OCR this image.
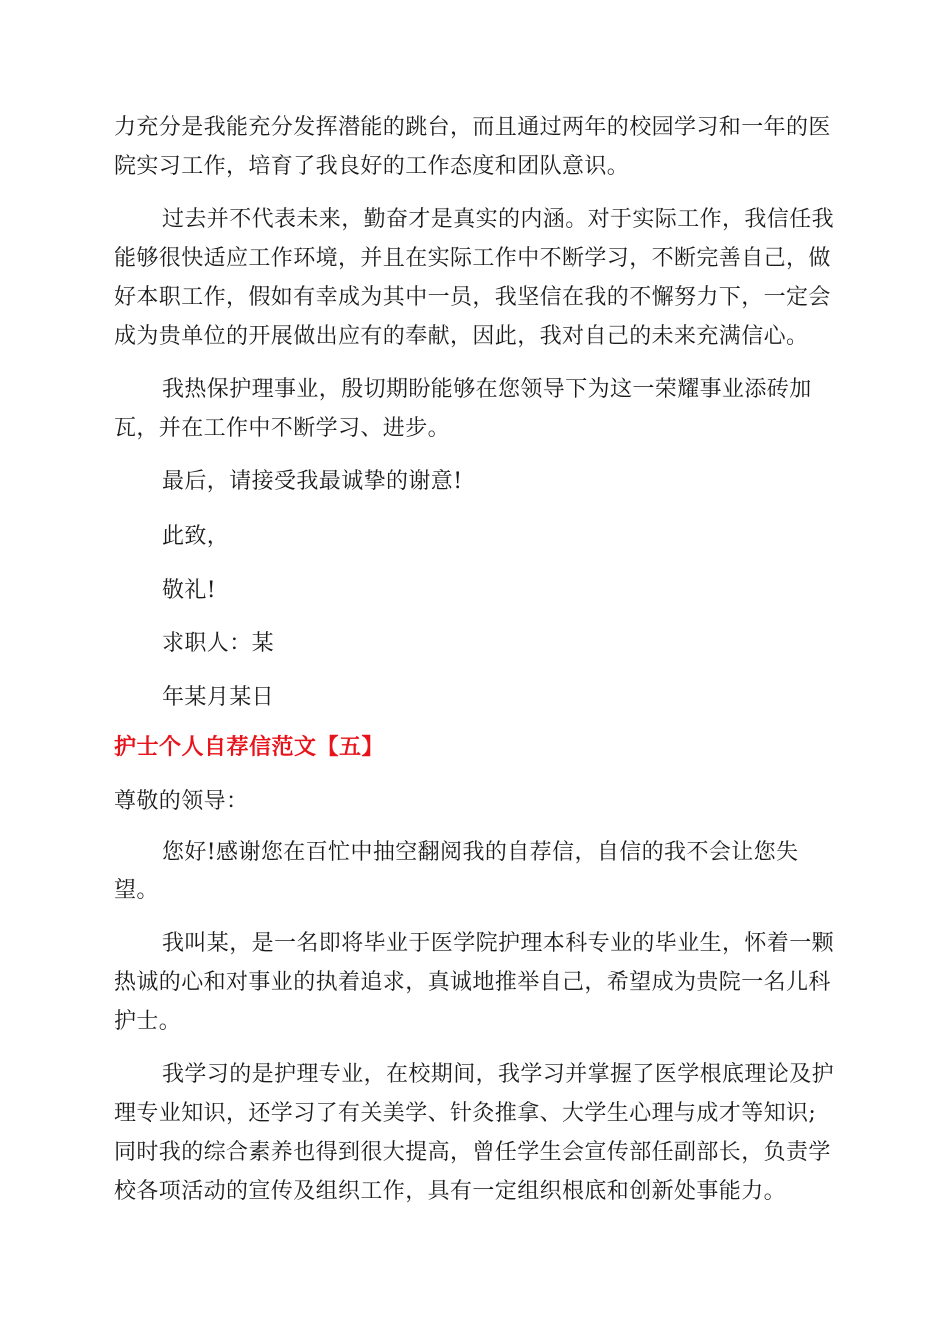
力充分是我能充分发挥潜能的跳台，而且通过两年的校园学习和一年的医
院实习工作，培育了我良好的工作态度和团队意识。
过去并不代表未来，勤奋才是真实的内涵。对于实际工作，我信任我
能够很快适应工作环境，并且在实际工作中不断学习，不断完善自己，做
好本职工作，假如有幸成为其中一员，我坚信在我的不懈努力下，一定会
成为贵单位的开展做出应有的奉献，因此，我对自己的未来充满信心。
我热保护理事业，殷切期盼能够在您领导下为这一荣耀事业添砖加
瓦，并在工作中不断学习、进步。
最后，请接受我最诚挚的谢意!
此致，
敬礼!
求职人：某
年某月某日
护士个人自荐信范文【五】
尊敬的领导：
您好!感谢您在百忙中抽空翻阅我的自荐信，自信的我不会让您失
望。
我叫某，是一名即将毕业于医学院护理本科专业的毕业生，怀着一颗
热诚的心和对事业的执着追求，真诚地推举自己，希望成为贵院一名儿科
护士。
我学习的是护理专业，在校期间，我学习并掌握了医学根底理论及护
理专业知识，还学习了有关美学、针灸推拿、大学生心理与成才等知识;
同时我的综合素养也得到很大提高，曾任学生会宣传部任副部长，负责学
校各项活动的宣传及组织工作，具有一定组织根底和创新处事能力。
